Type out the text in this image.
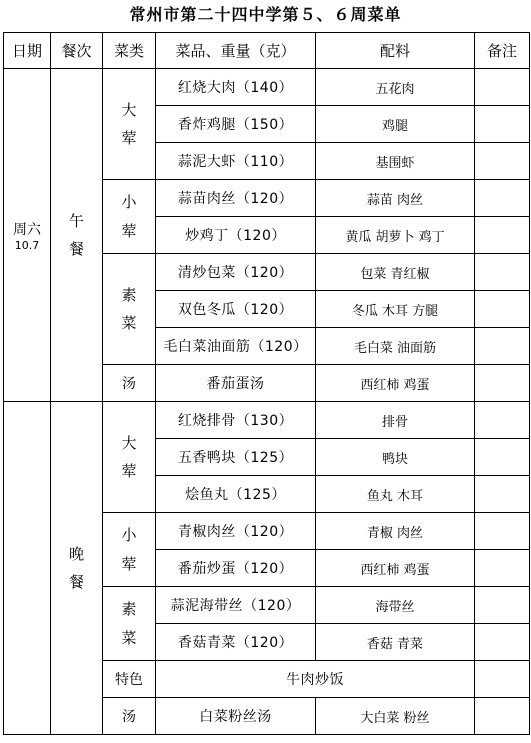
常州市第二十四中学第５、６周菜单
日期	餐次	菜类	菜品、重量（克）	配料	备注

周六
10.7	午餐	大荤	红烧大肉（140）	五花肉	
			香炸鸡腿（150）	鸡腿	
			蒜泥大虾（110）	基围虾	

		小荤	蒜苗肉丝（120）	蒜苗 肉丝	
			炒鸡丁（120）	黄瓜 胡萝卜 鸡丁	

		素菜	清炒包菜（120）	包菜 青红椒	
			双色冬瓜（120）	冬瓜 木耳 方腿	
			毛白菜油面筋（120）	毛白菜 油面筋	
		汤	番茄蛋汤	西红柿 鸡蛋	

	晚餐	大荤	红烧排骨（130）	排骨	
			五香鸭块（125）	鸭块	
			烩鱼丸（125）	鱼丸 木耳	

		小荤	青椒肉丝（120）	青椒 肉丝	
			番茄炒蛋（120）	西红柿 鸡蛋	

		素菜	蒜泥海带丝（120）	海带丝	
			香菇青菜（120）	香菇 青菜	
		特色	牛肉炒饭		
		汤	白菜粉丝汤	大白菜 粉丝	
